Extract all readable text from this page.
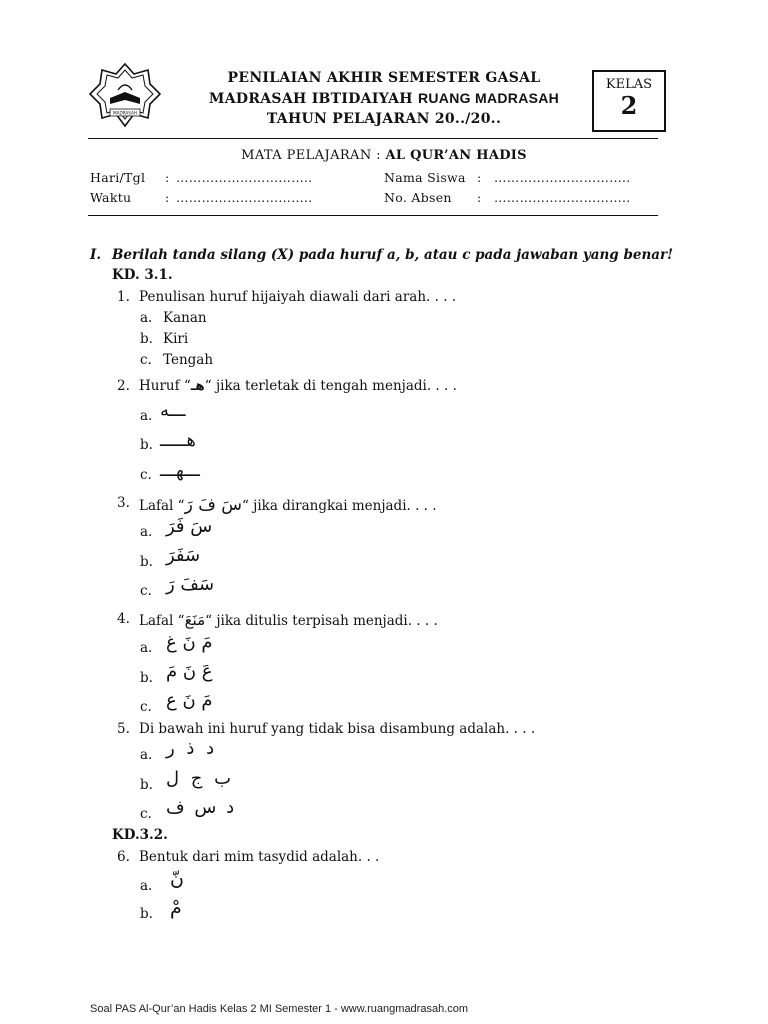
MADRASAH
PENILAIAN AKHIR SEMESTER GASAL
MADRASAH IBTIDAIYAH RUANG MADRASAH
TAHUN PELAJARAN 20../20..
KELAS
2
MATA PELAJARAN : AL QUR’AN HADIS
Hari/Tgl : …………………………..	Nama Siswa : …………………………..
Waktu	: …………………………..	No. Absen : …………………………..
I. Berilah tanda silang (X) pada huruf a, b, atau c pada jawaban yang benar!
KD. 3.1.
1. Penulisan huruf hijaiyah diawali dari arah. . . .
a. Kanan
b. Kiri
c. Tengah
2. Huruf “هـ“ jika terletak di tengah menjadi. . . .
a. ـــه
b. هـــــ
c. ـــهـــ
3. Lafal “سَ فَ رَ“ jika dirangkai menjadi. . . .
a. سَ فَرَ
b. سَفَرَ
c. سَفَ رَ
4. Lafal “مَنَعَ“ jika ditulis terpisah menjadi. . . .
a. مَ نَ غ
b. عَ نَ مَ
c. مَ نَ ع
5. Di bawah ini huruf yang tidak bisa disambung adalah. . . .
a. د ذ ر
b. ب ج ل
c. د س ف
KD.3.2.
6. Bentuk dari mim tasydid adalah. . .
a. نّ
b. مْ
Soal PAS Al-Qur’an Hadis Kelas 2 MI Semester 1 - www.ruangmadrasah.com
